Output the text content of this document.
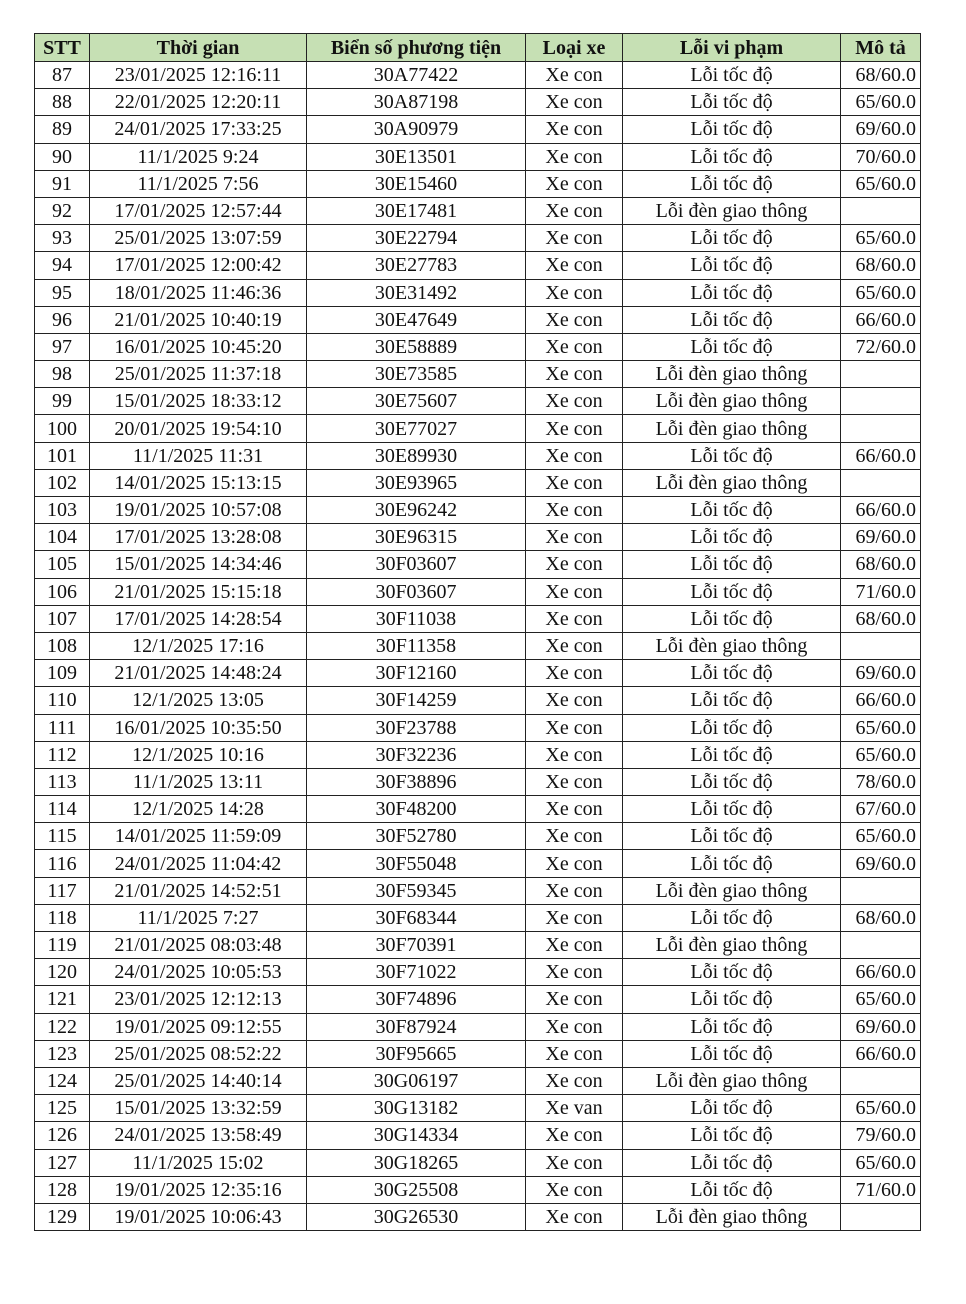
STT	Thời gian	Biển số phương tiện	Loại xe	Lỗi vi phạm	Mô tả
87	23/01/2025 12:16:11	30A77422	Xe con	Lỗi tốc độ	68/60.0
88	22/01/2025 12:20:11	30A87198	Xe con	Lỗi tốc độ	65/60.0
89	24/01/2025 17:33:25	30A90979	Xe con	Lỗi tốc độ	69/60.0
90	11/1/2025 9:24	30E13501	Xe con	Lỗi tốc độ	70/60.0
91	11/1/2025 7:56	30E15460	Xe con	Lỗi tốc độ	65/60.0
92	17/01/2025 12:57:44	30E17481	Xe con	Lỗi đèn giao thông	
93	25/01/2025 13:07:59	30E22794	Xe con	Lỗi tốc độ	65/60.0
94	17/01/2025 12:00:42	30E27783	Xe con	Lỗi tốc độ	68/60.0
95	18/01/2025 11:46:36	30E31492	Xe con	Lỗi tốc độ	65/60.0
96	21/01/2025 10:40:19	30E47649	Xe con	Lỗi tốc độ	66/60.0
97	16/01/2025 10:45:20	30E58889	Xe con	Lỗi tốc độ	72/60.0
98	25/01/2025 11:37:18	30E73585	Xe con	Lỗi đèn giao thông	
99	15/01/2025 18:33:12	30E75607	Xe con	Lỗi đèn giao thông	
100	20/01/2025 19:54:10	30E77027	Xe con	Lỗi đèn giao thông	
101	11/1/2025 11:31	30E89930	Xe con	Lỗi tốc độ	66/60.0
102	14/01/2025 15:13:15	30E93965	Xe con	Lỗi đèn giao thông	
103	19/01/2025 10:57:08	30E96242	Xe con	Lỗi tốc độ	66/60.0
104	17/01/2025 13:28:08	30E96315	Xe con	Lỗi tốc độ	69/60.0
105	15/01/2025 14:34:46	30F03607	Xe con	Lỗi tốc độ	68/60.0
106	21/01/2025 15:15:18	30F03607	Xe con	Lỗi tốc độ	71/60.0
107	17/01/2025 14:28:54	30F11038	Xe con	Lỗi tốc độ	68/60.0
108	12/1/2025 17:16	30F11358	Xe con	Lỗi đèn giao thông	
109	21/01/2025 14:48:24	30F12160	Xe con	Lỗi tốc độ	69/60.0
110	12/1/2025 13:05	30F14259	Xe con	Lỗi tốc độ	66/60.0
111	16/01/2025 10:35:50	30F23788	Xe con	Lỗi tốc độ	65/60.0
112	12/1/2025 10:16	30F32236	Xe con	Lỗi tốc độ	65/60.0
113	11/1/2025 13:11	30F38896	Xe con	Lỗi tốc độ	78/60.0
114	12/1/2025 14:28	30F48200	Xe con	Lỗi tốc độ	67/60.0
115	14/01/2025 11:59:09	30F52780	Xe con	Lỗi tốc độ	65/60.0
116	24/01/2025 11:04:42	30F55048	Xe con	Lỗi tốc độ	69/60.0
117	21/01/2025 14:52:51	30F59345	Xe con	Lỗi đèn giao thông	
118	11/1/2025 7:27	30F68344	Xe con	Lỗi tốc độ	68/60.0
119	21/01/2025 08:03:48	30F70391	Xe con	Lỗi đèn giao thông	
120	24/01/2025 10:05:53	30F71022	Xe con	Lỗi tốc độ	66/60.0
121	23/01/2025 12:12:13	30F74896	Xe con	Lỗi tốc độ	65/60.0
122	19/01/2025 09:12:55	30F87924	Xe con	Lỗi tốc độ	69/60.0
123	25/01/2025 08:52:22	30F95665	Xe con	Lỗi tốc độ	66/60.0
124	25/01/2025 14:40:14	30G06197	Xe con	Lỗi đèn giao thông	
125	15/01/2025 13:32:59	30G13182	Xe van	Lỗi tốc độ	65/60.0
126	24/01/2025 13:58:49	30G14334	Xe con	Lỗi tốc độ	79/60.0
127	11/1/2025 15:02	30G18265	Xe con	Lỗi tốc độ	65/60.0
128	19/01/2025 12:35:16	30G25508	Xe con	Lỗi tốc độ	71/60.0
129	19/01/2025 10:06:43	30G26530	Xe con	Lỗi đèn giao thông	
